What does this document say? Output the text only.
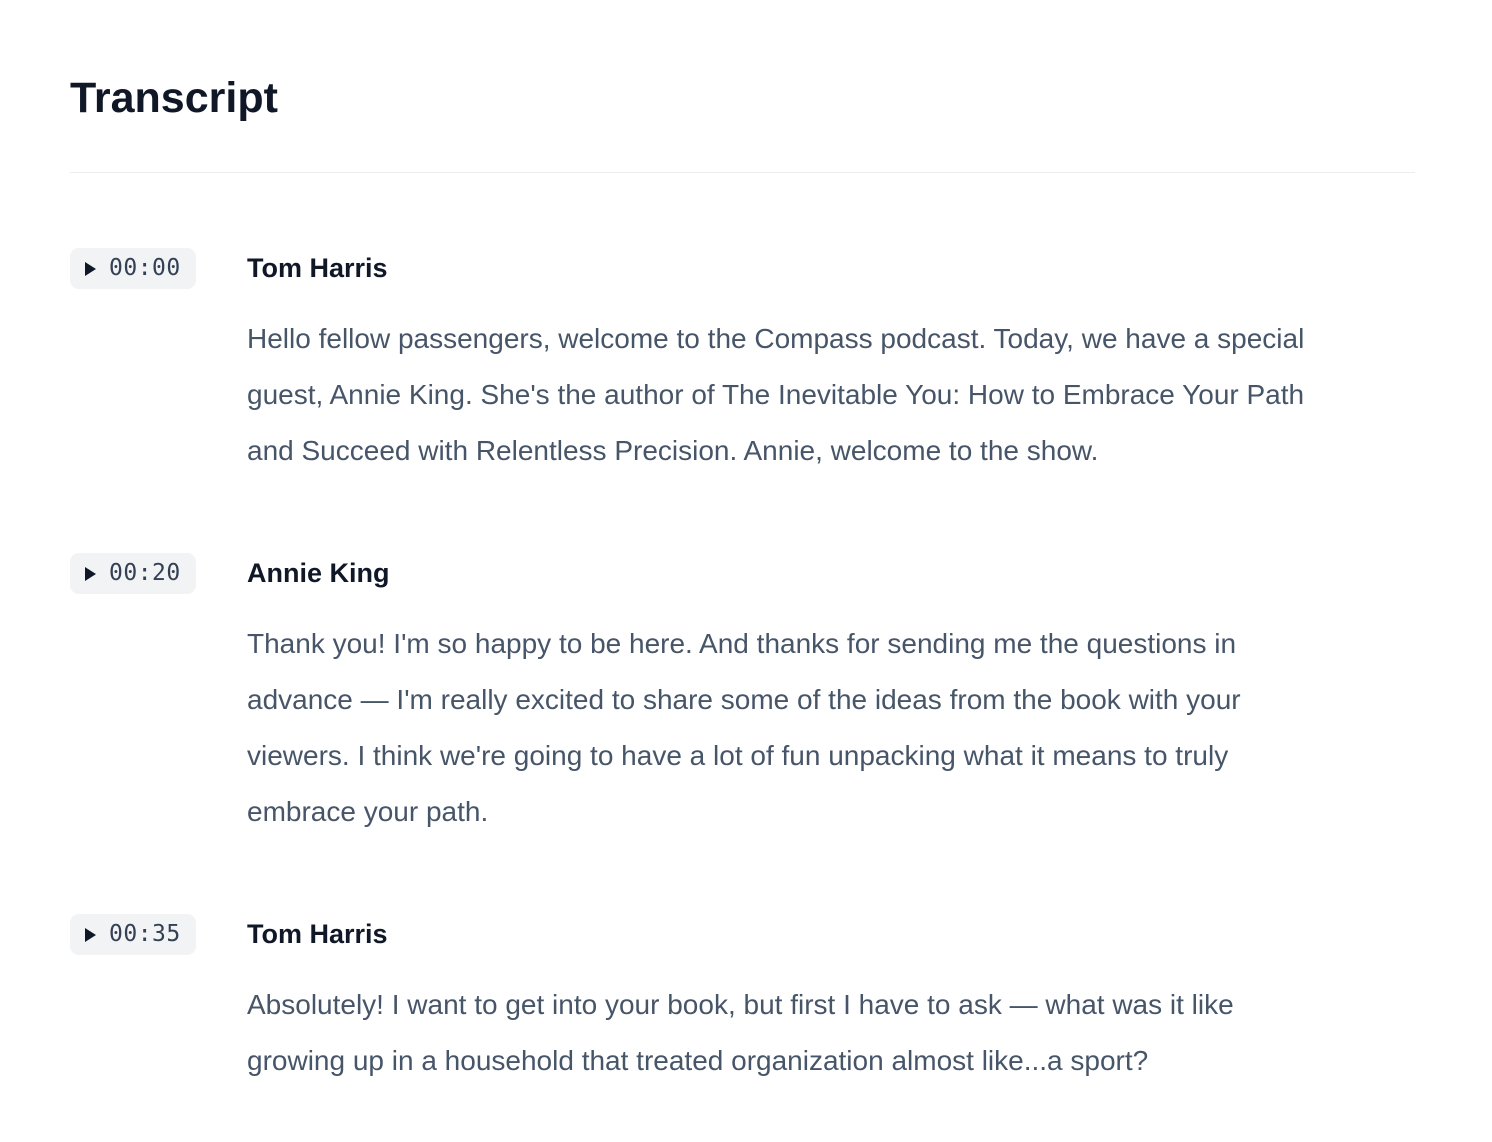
Transcript
00:00 Tom Harris

Hello fellow passengers, welcome to the Compass podcast. Today, we have a special guest, Annie King. She's the author of The Inevitable You: How to Embrace Your Path and Succeed with Relentless Precision. Annie, welcome to the show.

00:20 Annie King

Thank you! I'm so happy to be here. And thanks for sending me the questions in advance — I'm really excited to share some of the ideas from the book with your viewers. I think we're going to have a lot of fun unpacking what it means to truly embrace your path.

00:35 Tom Harris

Absolutely! I want to get into your book, but first I have to ask — what was it like growing up in a household that treated organization almost like...a sport?
